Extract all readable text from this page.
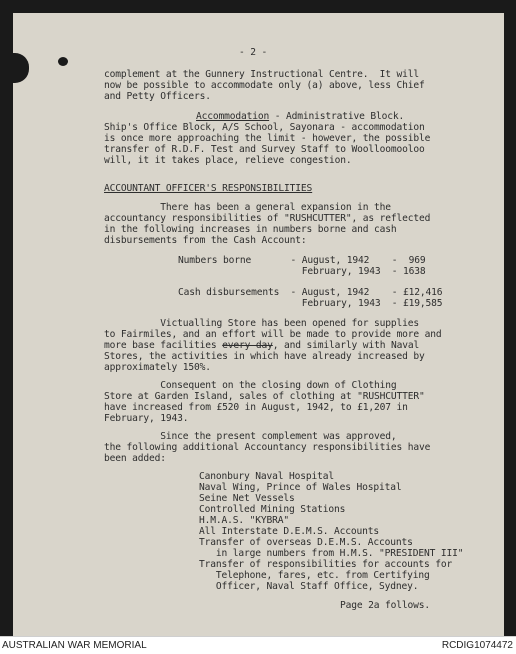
- 2 -
complement at the Gunnery Instructional Centre.  It will
now be possible to accommodate only (a) above, less Chief
and Petty Officers.
Accommodation - Administrative Block.
Ship's Office Block, A/S School, Sayonara - accommodation
is once more approaching the limit - however, the possible
transfer of R.D.F. Test and Survey Staff to Woolloomooloo
will, it it takes place, relieve congestion.
ACCOUNTANT OFFICER'S RESPONSIBILITIES
There has been a general expansion in the
accountancy responsibilities of "RUSHCUTTER", as reflected
in the following increases in numbers borne and cash
disbursements from the Cash Account:
Numbers borne       - August, 1942    -  969
February, 1943  - 1638
Cash disbursements  - August, 1942    - £12,416
February, 1943  - £19,585
Victualling Store has been opened for supplies
to Fairmiles, and an effort will be made to provide more and
more base facilities every day, and similarly with Naval
Stores, the activities in which have already increased by
approximately 150%.
Consequent on the closing down of Clothing
Store at Garden Island, sales of clothing at "RUSHCUTTER"
have increased from £520 in August, 1942, to £1,207 in
February, 1943.
Since the present complement was approved,
the following additional Accountancy responsibilities have
been added:
Canonbury Naval Hospital
Naval Wing, Prince of Wales Hospital
Seine Net Vessels
Controlled Mining Stations
H.M.A.S. "KYBRA"
All Interstate D.E.M.S. Accounts
Transfer of overseas D.E.M.S. Accounts
in large numbers from H.M.S. "PRESIDENT III"
Transfer of responsibilities for accounts for
Telephone, fares, etc. from Certifying
Officer, Naval Staff Office, Sydney.
Page 2a follows.
AUSTRALIAN WAR MEMORIAL	RCDIG1074472
